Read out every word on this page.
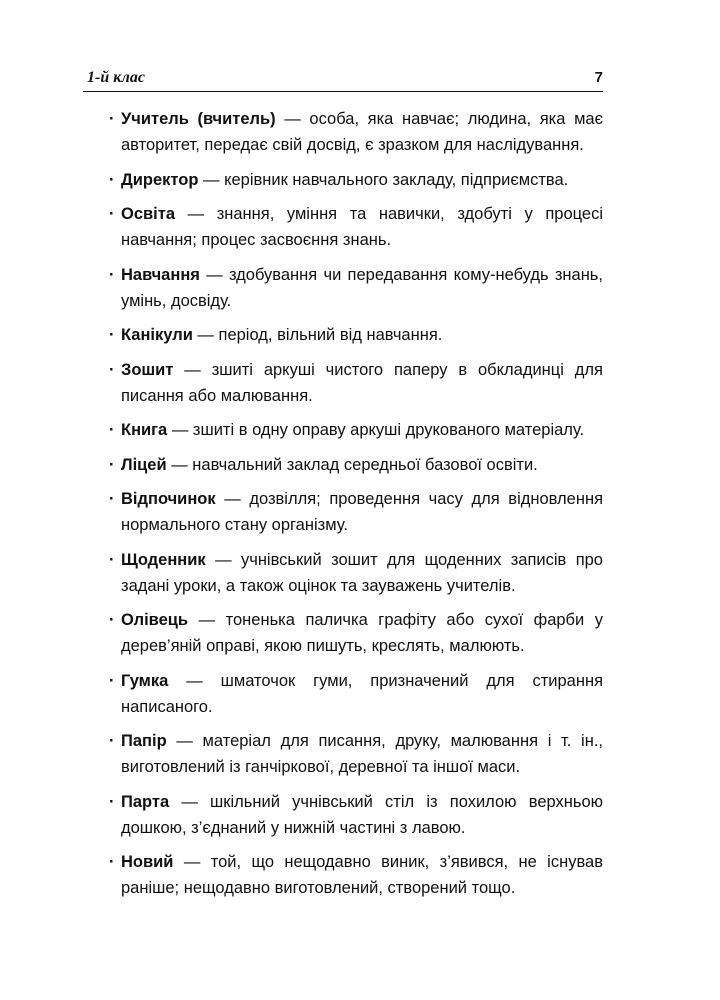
1-й клас	7
· Учитель (вчитель) — особа, яка навчає; людина, яка має авторитет, передає свій досвід, є зразком для наслідування.
· Директор — керівник навчального закладу, підприємства.
· Освіта — знання, уміння та навички, здобуті у процесі навчання; процес засвоєння знань.
· Навчання — здобування чи передавання кому-небудь знань, умінь, досвіду.
· Канікули — період, вільний від навчання.
· Зошит — зшиті аркуші чистого паперу в обкладинці для писання або малювання.
· Книга — зшиті в одну оправу аркуші друкованого матеріалу.
· Ліцей — навчальний заклад середньої базової освіти.
· Відпочинок — дозвілля; проведення часу для відновлення нормального стану організму.
· Щоденник — учнівський зошит для щоденних записів про задані уроки, а також оцінок та зауважень учителів.
· Олівець — тоненька паличка графіту або сухої фарби у дерев’яній оправі, якою пишуть, креслять, малюють.
· Гумка — шматочок гуми, призначений для стирання написаного.
· Папір — матеріал для писання, друку, малювання і т. ін., виготовлений із ганчіркової, деревної та іншої маси.
· Парта — шкільний учнівський стіл із похилою верхньою дошкою, з’єднаний у нижній частині з лавою.
· Новий — той, що нещодавно виник, з’явився, не існував раніше; нещодавно виготовлений, створений тощо.
